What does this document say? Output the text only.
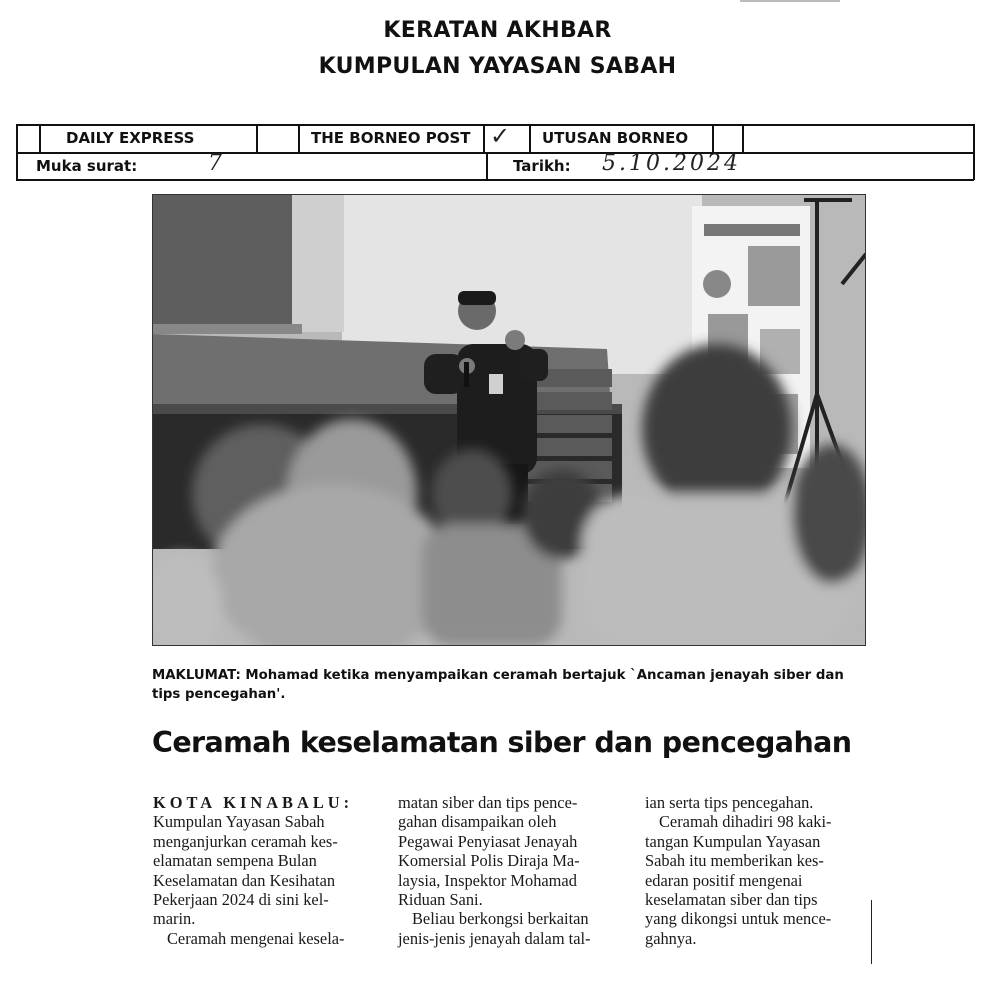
KERATAN AKHBAR
KUMPULAN YAYASAN SABAH
DAILY EXPRESS	THE BORNEO POST ✓ UTUSAN BORNEO
Muka surat:	7	Tarikh: 5.10.2024
MAKLUMAT: Mohamad ketika menyampaikan ceramah bertajuk `Ancaman jenayah siber dan tips pencegahan'.
Ceramah keselamatan siber dan pencegahan
KOTA KINABALU:
Kumpulan Yayasan Sabah
menganjurkan ceramah kes-
elamatan sempena Bulan
Keselamatan dan Kesihatan
Pekerjaan 2024 di sini kel-
marin.
Ceramah mengenai kesela-
matan siber dan tips pence-
gahan disampaikan oleh
Pegawai Penyiasat Jenayah
Komersial Polis Diraja Ma-
laysia, Inspektor Mohamad
Riduan Sani.
Beliau berkongsi berkaitan
jenis-jenis jenayah dalam tal-
ian serta tips pencegahan.
Ceramah dihadiri 98 kaki-
tangan Kumpulan Yayasan
Sabah itu memberikan kes-
edaran positif mengenai
keselamatan siber dan tips
yang dikongsi untuk mence-
gahnya.
